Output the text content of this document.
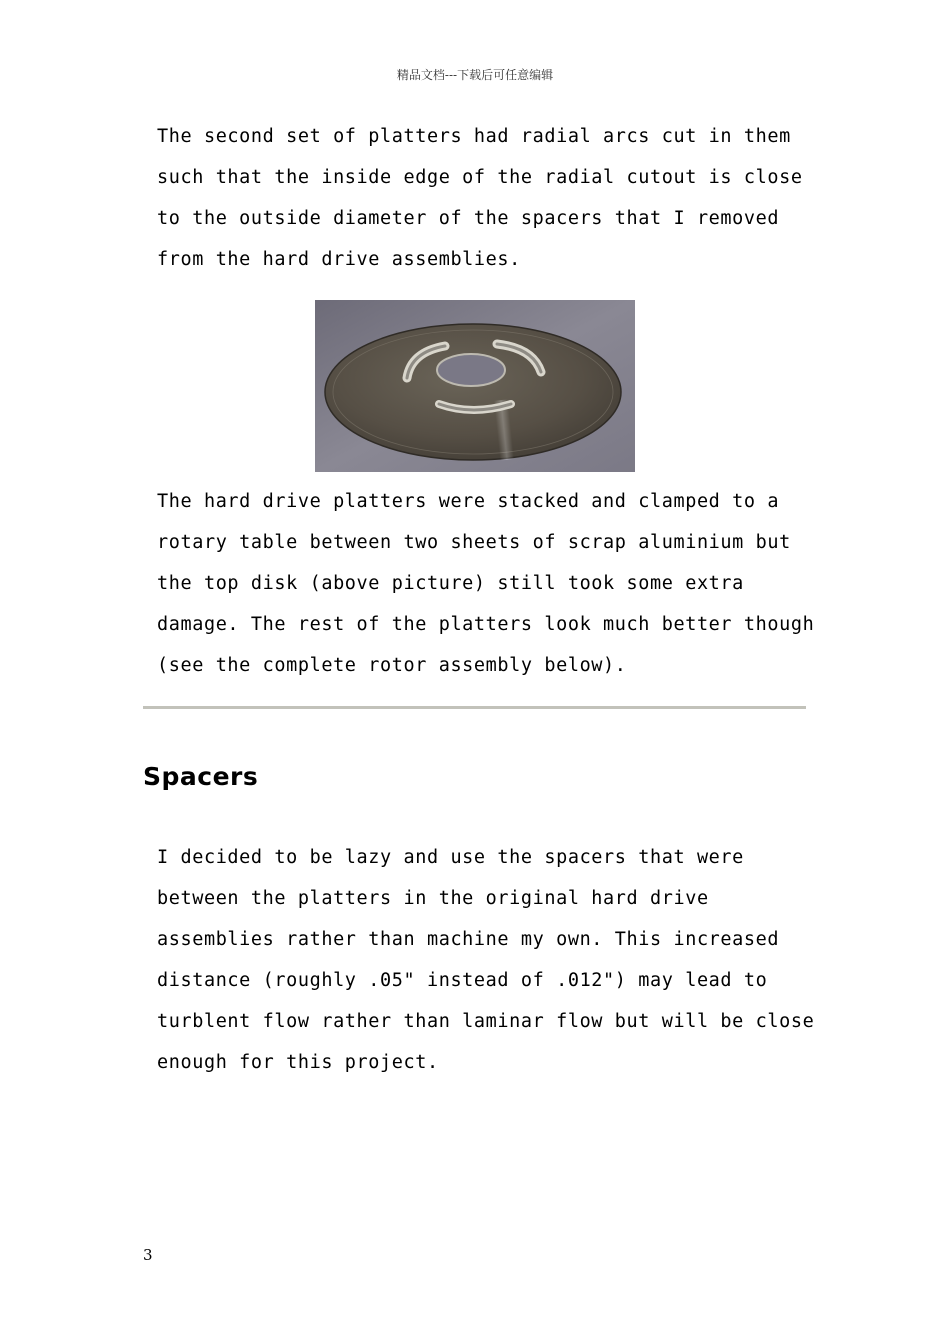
精品文档---下载后可任意编辑
The second set of platters had radial arcs cut in them
such that the inside edge of the radial cutout is close
to the outside diameter of the spacers that I removed
from the hard drive assemblies.
The hard drive platters were stacked and clamped to a
rotary table between two sheets of scrap aluminium but
the top disk (above picture) still took some extra
damage. The rest of the platters look much better though
(see the complete rotor assembly below).
Spacers
I decided to be lazy and use the spacers that were
between the platters in the original hard drive
assemblies rather than machine my own. This increased
distance (roughly .05" instead of .012") may lead to
turblent flow rather than laminar flow but will be close
enough for this project.
3
